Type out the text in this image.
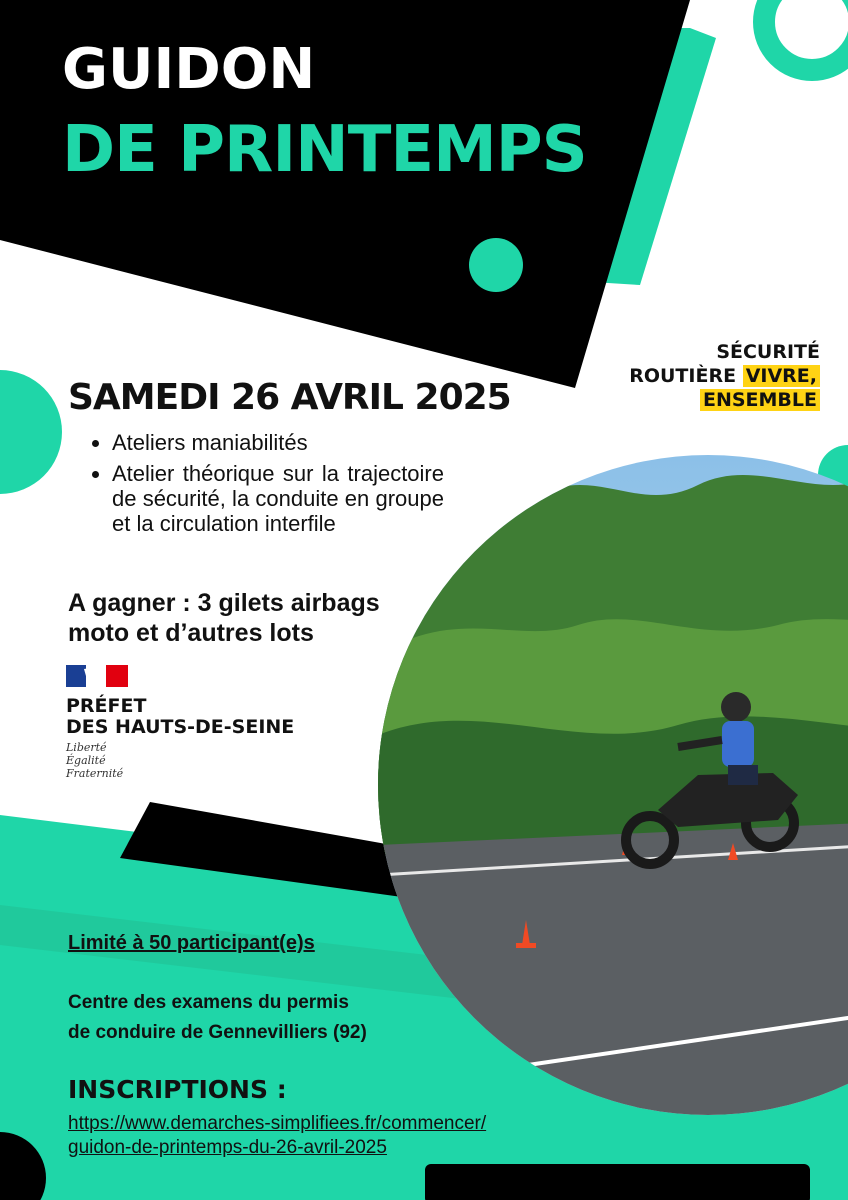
GUIDON
DE PRINTEMPS
SÉCURITÉ
ROUTIÈRE VIVRE,
ENSEMBLE
SAMEDI 26 AVRIL 2025
• Ateliers maniabilités
• Atelier théorique sur la trajectoire de sécurité, la conduite en groupe et la circulation interfile
A gagner : 3 gilets airbags moto et d’autres lots
PRÉFET
DES HAUTS-DE-SEINE
Liberté
Égalité
Fraternité
Limité à 50 participant(e)s
Centre des examens du permis
de conduire de Gennevilliers (92)
INSCRIPTIONS :
https://www.demarches-simplifiees.fr/commencer/
guidon-de-printemps-du-26-avril-2025
